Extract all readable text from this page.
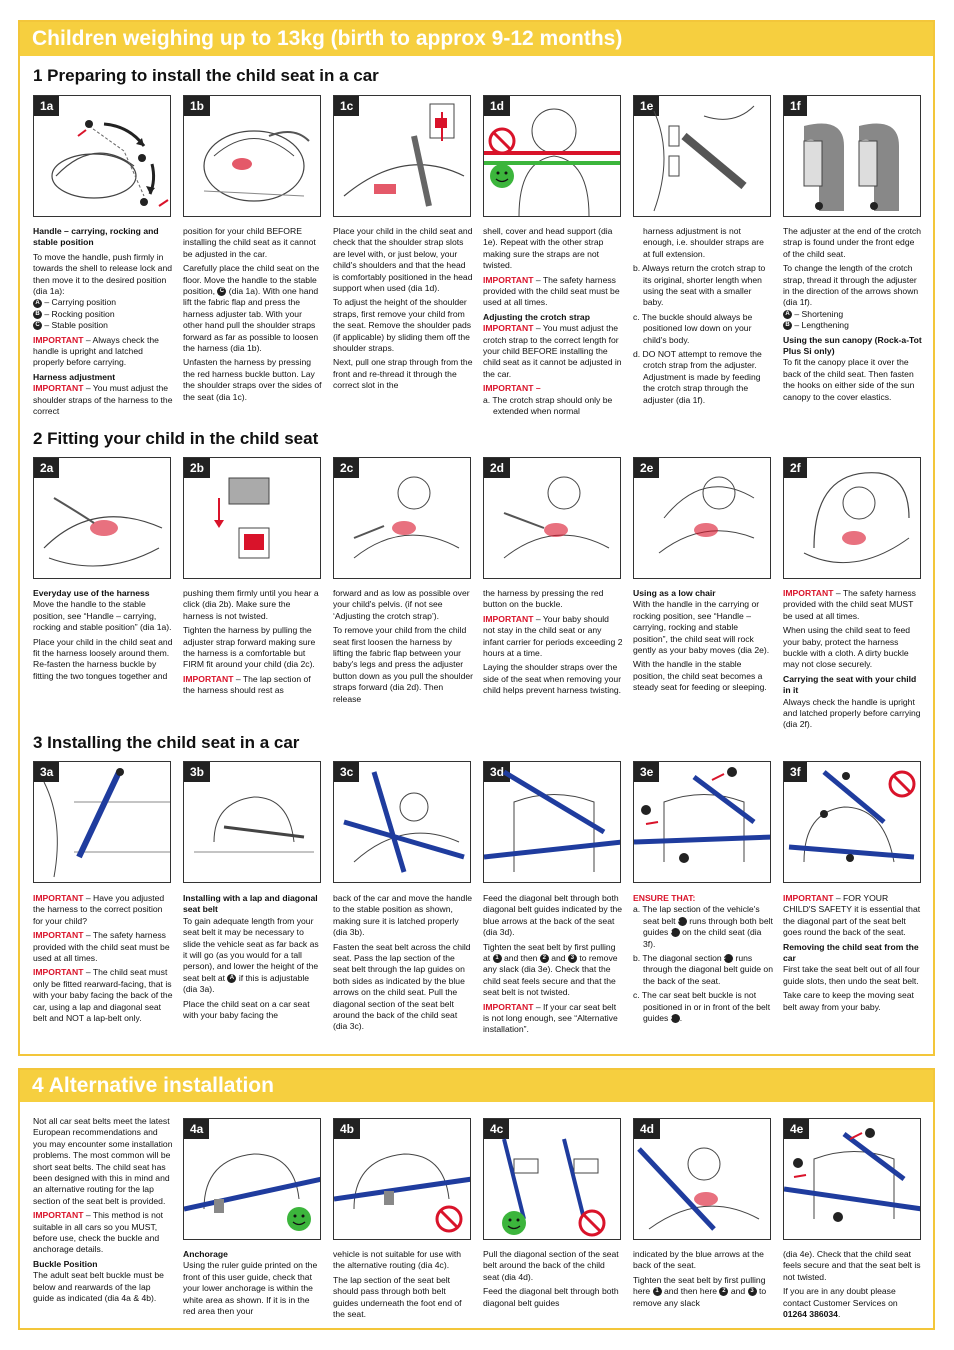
Children weighing up to 13kg (birth to approx 9-12 months)
1 Preparing to install the child seat in a car
1a	1b	1c	1d	1e	1f

Handle – carrying, rocking and stable position

To move the handle, push firmly in towards the shell to release lock and then move it to the desired position (dia 1a):

A – Carrying position
B – Rocking position
C – Stable position

IMPORTANT – Always check the handle is upright and latched properly before carrying.

Harness adjustment

IMPORTANT – You must adjust the shoulder straps of the harness to the correct

position for your child BEFORE installing the child seat as it cannot be adjusted in the car.

Carefully place the child seat on the floor. Move the handle to the stable position, C (dia 1a). With one hand lift the fabric flap and press the harness adjuster tab. With your other hand pull the shoulder straps forward as far as possible to loosen the harness (dia 1b).

Unfasten the harness by pressing the red harness buckle button. Lay the shoulder straps over the sides of the seat (dia 1c).

Place your child in the child seat and check that the shoulder strap slots are level with, or just below, your child's shoulders and that the head is comfortably positioned in the head support when used (dia 1d).

To adjust the height of the shoulder straps, first remove your child from the seat. Remove the shoulder pads (if applicable) by sliding them off the shoulder straps.

Next, pull one strap through from the front and re-thread it through the correct slot in the

shell, cover and head support (dia 1e). Repeat with the other strap making sure the straps are not twisted.

IMPORTANT – The safety harness provided with the child seat must be used at all times.

Adjusting the crotch strap

IMPORTANT – You must adjust the crotch strap to the correct length for your child BEFORE installing the child seat as it cannot be adjusted in the car.

IMPORTANT –

a. The crotch strap should only be extended when normal

harness adjustment is not enough, i.e. shoulder straps are at full extension.

b. Always return the crotch strap to its original, shorter length when using the seat with a smaller baby.

c. The buckle should always be positioned low down on your child's body.

d. DO NOT attempt to remove the crotch strap from the adjuster. Adjustment is made by feeding the crotch strap through the adjuster (dia 1f).

The adjuster at the end of the crotch strap is found under the front edge of the child seat.

To change the length of the crotch strap, thread it through the adjuster in the direction of the arrows shown (dia 1f).

A – Shortening
B – Lengthening

Using the sun canopy (Rock-a-Tot Plus Si only)

To fit the canopy place it over the back of the child seat. Then fasten the hooks on either side of the sun canopy to the cover elastics.

2 Fitting your child in the child seat
2a	2b	2c	2d	2e	2f

Everyday use of the harness

Move the handle to the stable position, see “Handle – carrying, rocking and stable position” (dia 1a).

Place your child in the child seat and fit the harness loosely around them. Re-fasten the harness buckle by fitting the two tongues together and

pushing them firmly until you hear a click (dia 2b). Make sure the harness is not twisted.

Tighten the harness by pulling the adjuster strap forward making sure the harness is a comfortable but FIRM fit around your child (dia 2c).

IMPORTANT – The lap section of the harness should rest as

forward and as low as possible over your child's pelvis. (if not see ‘Adjusting the crotch strap’).

To remove your child from the child seat first loosen the harness by lifting the fabric flap between your baby's legs and press the adjuster button down as you pull the shoulder straps forward (dia 2d). Then release

the harness by pressing the red button on the buckle.

IMPORTANT – Your baby should not stay in the child seat or any infant carrier for periods exceeding 2 hours at a time.

Laying the shoulder straps over the side of the seat when removing your child helps prevent harness twisting.

Using as a low chair

With the handle in the carrying or rocking position, see “Handle – carrying, rocking and stable position”, the child seat will rock gently as your baby moves (dia 2e).

With the handle in the stable position, the child seat becomes a steady seat for feeding or sleeping.

IMPORTANT – The safety harness provided with the child seat MUST be used at all times.

When using the child seat to feed your baby, protect the harness buckle with a cloth. A dirty buckle may not close securely.

Carrying the seat with your child in it

Always check the handle is upright and latched properly before carrying (dia 2f).

3 Installing the child seat in a car
3a	3b	3c	3d	3e	3f

IMPORTANT – Have you adjusted the harness to the correct position for your child?

IMPORTANT – The safety harness provided with the child seat must be used at all times.

IMPORTANT – The child seat must only be fitted rearward-facing, that is with your baby facing the back of the car, using a lap and diagonal seat belt and NOT a lap-belt only.

Installing with a lap and diagonal seat belt

To gain adequate length from your seat belt it may be necessary to slide the vehicle seat as far back as it will go (as you would for a tall person), and lower the height of the seat belt at A if this is adjustable (dia 3a).

Place the child seat on a car seat with your baby facing the

back of the car and move the handle to the stable position as shown, making sure it is latched properly (dia 3b).

Fasten the seat belt across the child seat. Pass the lap section of the seat belt through the lap guides on both sides as indicated by the blue arrows on the child seat. Pull the diagonal section of the seat belt around the back of the child seat (dia 3c).

Feed the diagonal belt through both diagonal belt guides indicated by the blue arrows at the back of the seat (dia 3d).

Tighten the seat belt by first pulling at 1 and then 2 and 3 to remove any slack (dia 3e). Check that the child seat feels secure and that the seat belt is not twisted.

IMPORTANT – If your car seat belt is not long enough, see “Alternative installation”.

ENSURE THAT:

a. The lap section of the vehicle's seat belt A runs through both belt guides B on the child seat (dia 3f).

b. The diagonal section C runs through the diagonal belt guide on the back of the seat.

c. The car seat belt buckle is not positioned in or in front of the belt guides B .

IMPORTANT – FOR YOUR CHILD'S SAFETY it is essential that the diagonal part of the seat belt goes round the back of the seat.

Removing the child seat from the car

First take the seat belt out of all four guide slots, then undo the seat belt.

Take care to keep the moving seat belt away from your baby.

4 Alternative installation

Not all car seat belts meet the latest European recommendations and you may encounter some installation problems. The most common will be short seat belts. The child seat has been designed with this in mind and an alternative routing for the lap section of the seat belt is provided.

IMPORTANT – This method is not suitable in all cars so you MUST, before use, check the buckle and anchorage details.

Buckle Position

The adult seat belt buckle must be below and rearwards of the lap guide as indicated (dia 4a & 4b).

4a	4b	4c	4d	4e

Anchorage

Using the ruler guide printed on the front of this user guide, check that your lower anchorage is within the white area as shown. If it is in the red area then your

vehicle is not suitable for use with the alternative routing (dia 4c).

The lap section of the seat belt should pass through both belt guides underneath the foot end of the seat.

Pull the diagonal section of the seat belt around the back of the child seat (dia 4d).

Feed the diagonal belt through both diagonal belt guides

indicated by the blue arrows at the back of the seat.

Tighten the seat belt by first pulling here 1 and then here 2 and 3 to remove any slack

(dia 4e). Check that the child seat feels secure and that the seat belt is not twisted.

If you are in any doubt please contact Customer Services on 01264 386034.
